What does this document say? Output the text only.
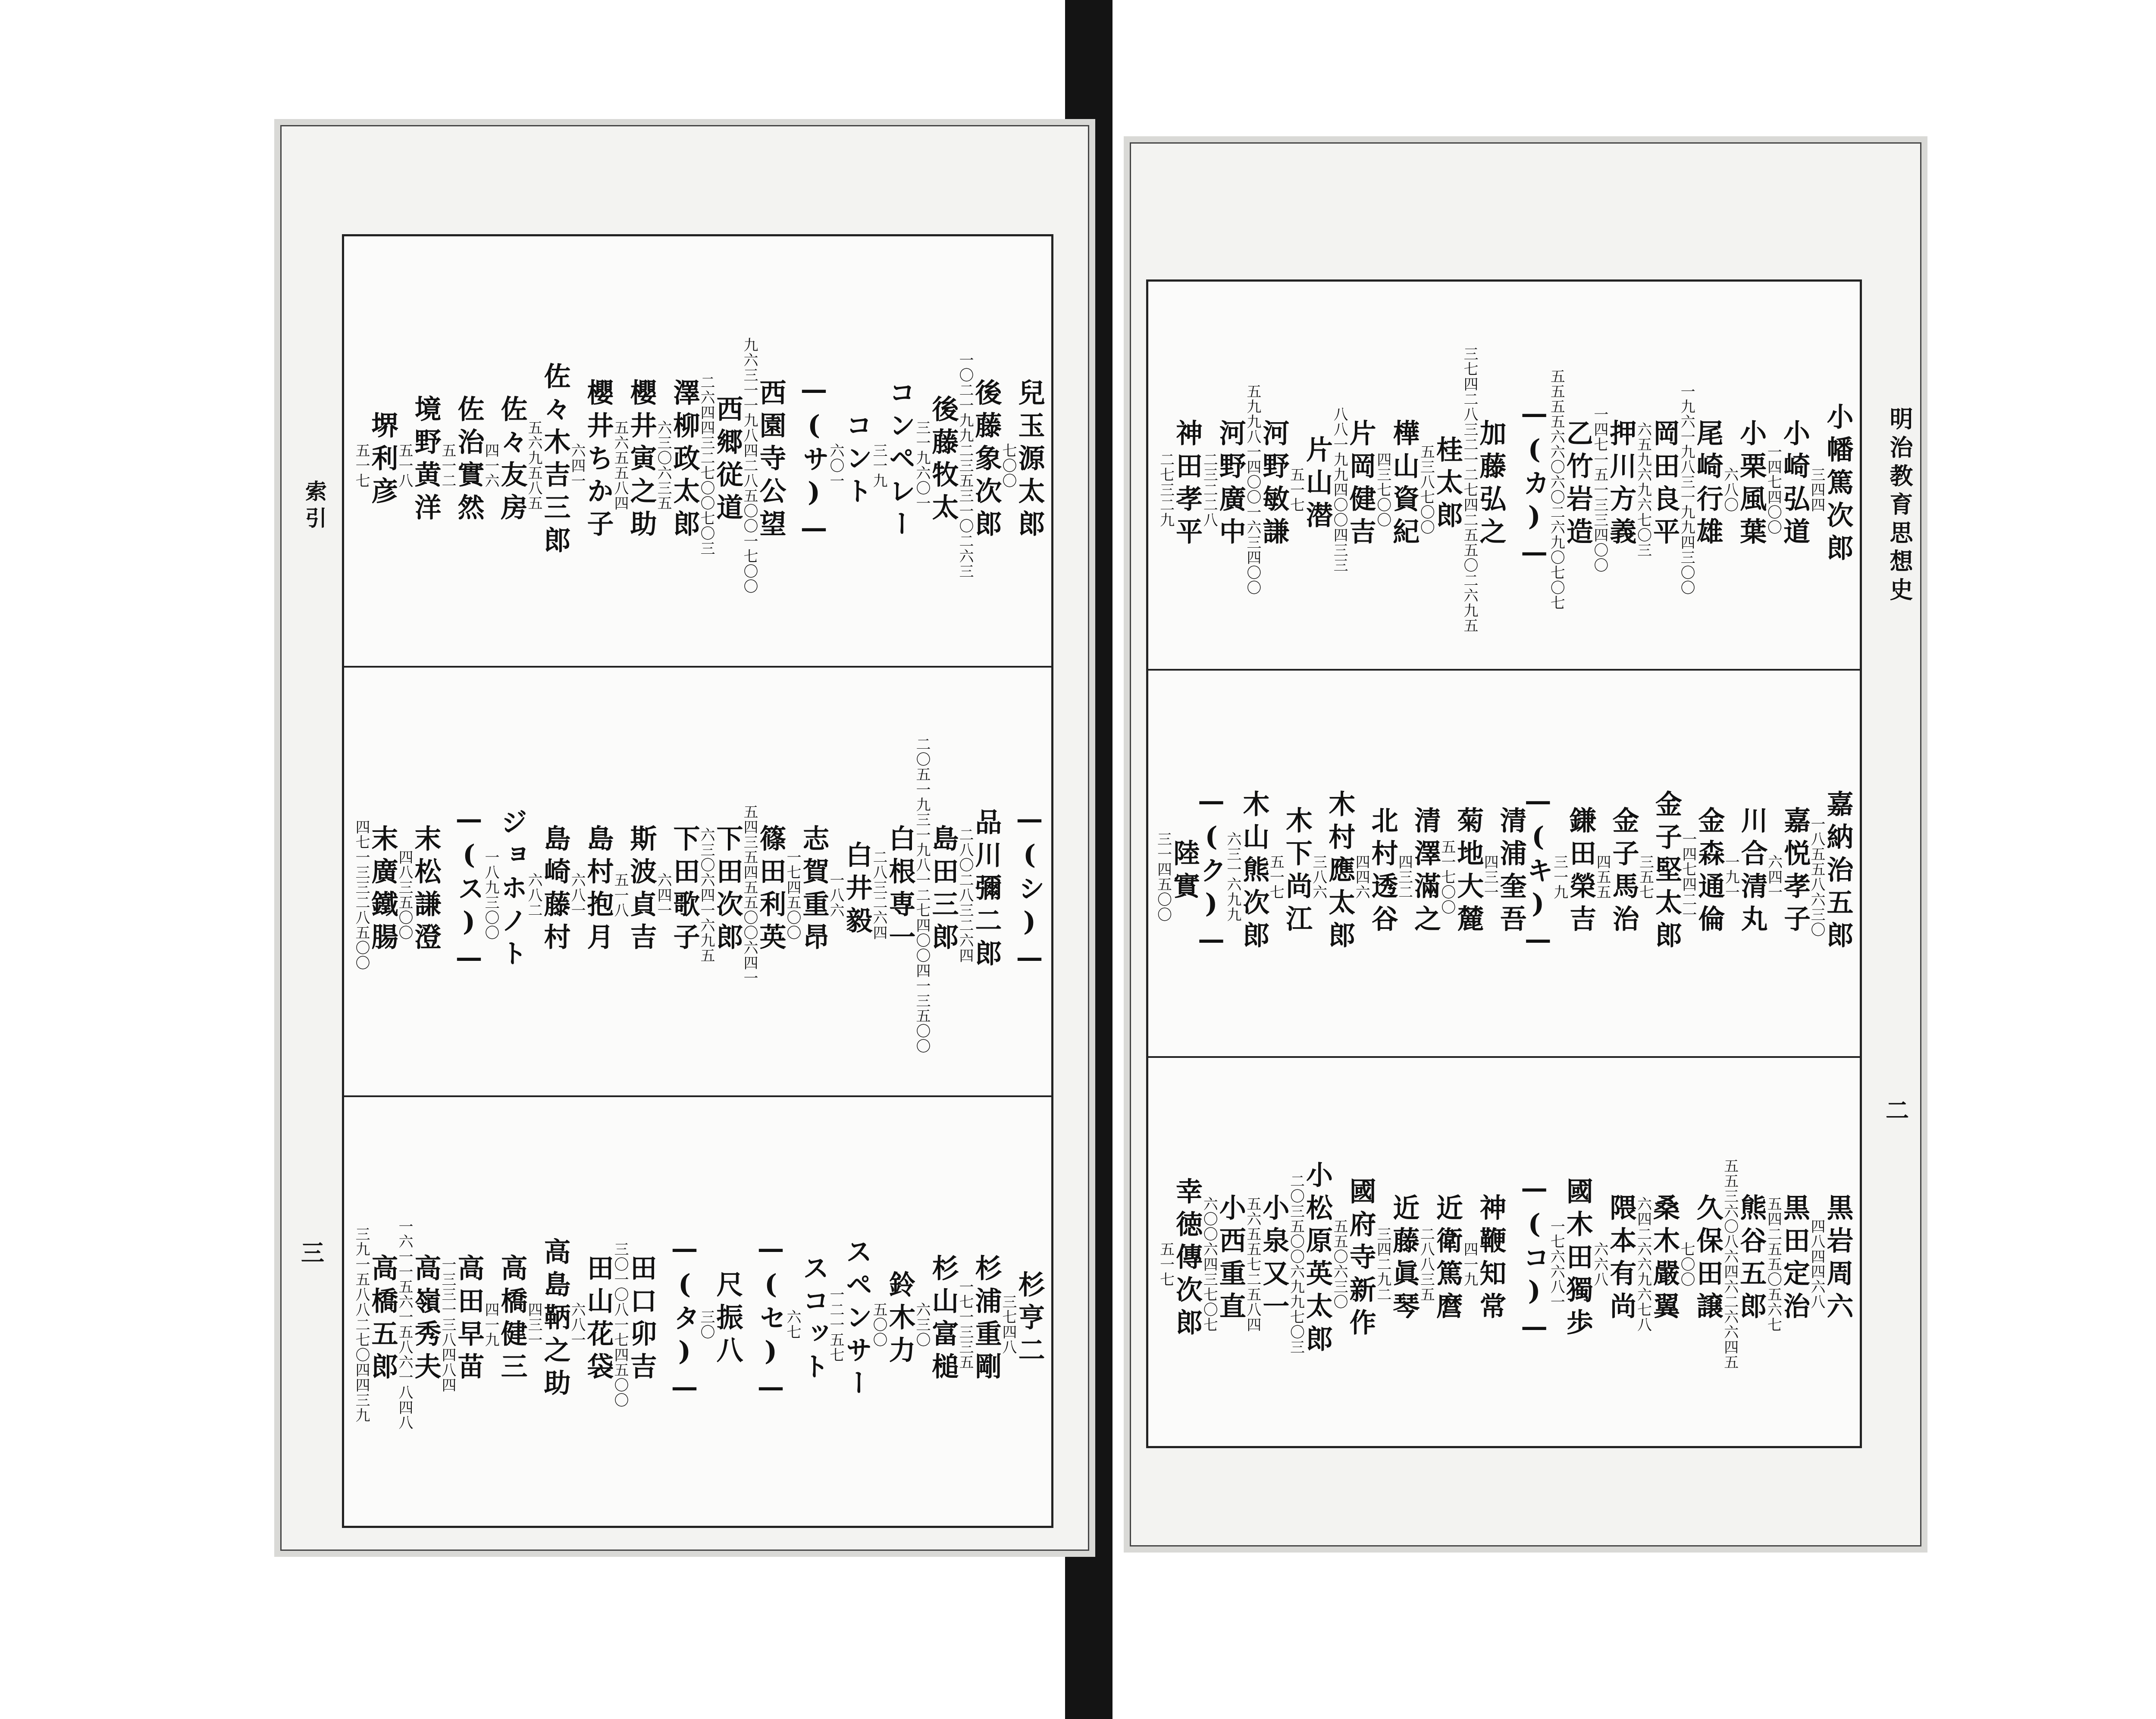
明治教育思想史
二
小幡篤次郎
三四四
小崎弘道
一四七四〇〇
小栗風葉
六八〇
尾崎行雄
一九六一九八三一九九四三〇〇
岡田良平
六五九六九六七〇三
押川方義
一四七一五一三三四〇〇
乙竹岩造
五五五五六六〇六〇二六九〇七〇七
—(カ)—
加藤弘之
三七四二八三二一二七四二五五〇二六九五
桂太郎
五三八七〇〇
樺山資紀
四三七〇〇
片岡健吉
八八一九九四〇〇四三三
片山潜
五一七
河野敏謙
五九九八一四〇〇一六三四〇〇
河野廣中
二三二二八
神田孝平
二七三二九
嘉納治五郎
一八五五八六三〇
嘉悦孝子
六四一
川合清丸
一九一
金森通倫
一四七四二一
金子堅太郎
三五七
金子馬治
四五五
鎌田榮吉
三一九
—(キ)—
清浦奎吾
四三一
菊地大麓
五一七〇〇
清澤滿之
四三二
北村透谷
四四六
木村應太郎
三八六
木下尚江
五一七
木山熊次郎
六三一六九九
—(ク)—
陸實
三一四五〇〇
黒岩周六
四八四四六八
黒田定治
五四二五五〇五六七
熊谷五郎
五五三六〇八六四六二六六四五
久保田譲
七〇〇
桑木嚴翼
六四二六六九六七八
隈本有尚
六六八
國木田獨歩
一七六六八一
—(コ)—
神鞭知常
四一九
近衛篤麿
二八八三五
近藤眞琴
三四二九二
國府寺新作
五五〇六三〇
小松原英太郎
二〇三五〇〇六九九七〇三
小泉又一
五六五五七二五八四
小西重直
六〇〇六四三七〇七
幸徳傳次郎
五一七
索引
三
兒玉源太郎
七〇〇
後藤象次郎
一〇二一九九二三五三一〇二六三
後藤牧太
三一九六〇一
コンペレー
三一九
コント
六〇一
—(サ)—
西園寺公望
九六三一一九八四二八五〇〇一七〇〇
西郷従道
二六四四三二七〇〇七〇三
澤柳政太郎
六三〇六三五
櫻井寅之助
五六五五八四
櫻井ちか子
六四一
佐々木吉三郎
五六九五八五
佐々友房
四一六
佐治實然
五一二
境野黄洋
五一八
堺利彦
五一七
—(シ)—
品川彌二郎
二八〇二八三二六四
島田三郎
二〇五一九三一九八一二七四〇〇四一三五〇〇
白根専一
二八三二六四
白井毅
一八六
志賀重昂
一七四五〇〇
篠田利英
五四三五四五五〇〇六四一
下田次郎
六三〇六四一六九五
下田歌子
六四一
斯波貞吉
五一八
島村抱月
六八一
島崎藤村
六八二
ジョホノト
一八九三〇〇
—(ス)—
末松謙澄
四八三五〇〇
末廣鐵腸
四七一三三二八五〇〇
杉亨二
三七四八
杉浦重剛
一七一三三五
杉山富槌
六三〇
鈴木力
五〇〇
スペンサー
一二一五七
スコット
六七
—(セ)—
尺振八
三〇
—(タ)—
田口卯吉
三〇一〇八一七四五〇〇
田山花袋
六八一
高島鞆之助
四三一
高橋健三
四一九
高田早苗
一三三一三八四八四
高嶺秀夫
一六一一五六一五八六一八四八
高橋五郎
三九一五八八二七〇四四三九
